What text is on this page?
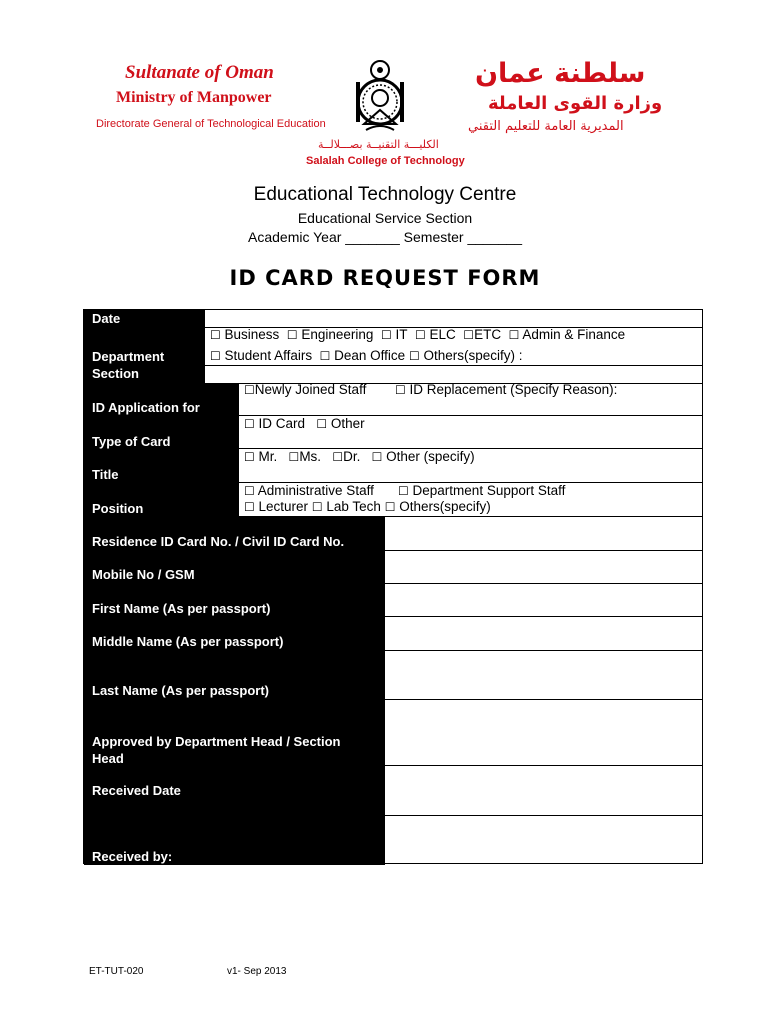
Sultanate of Oman
Ministry of Manpower
Directorate General of Technological Education
سلطنة عمان
وزارة القوى العاملة
المديرية العامة للتعليم التقني
الكليـــة التقنيــة بصـــلالــة
Salalah College of Technology
Educational Technology Centre
Educational Service Section
Academic Year _______ Semester _______
ID CARD REQUEST FORM
Date
Department
Section
ID Application for
Type of Card
Title
Position
Residence ID Card No. / Civil ID Card No.
Mobile No / GSM
First Name (As per passport)
Middle Name (As per passport)
Last Name (As per passport)
Approved by Department Head / Section Head
Received Date
Received by:
☐ Business ☐ Engineering ☐ IT ☐ ELC ☐ETC ☐ Admin & Finance
☐ Student Affairs ☐ Dean Office ☐ Others(specify) :
☐Newly Joined Staff ☐ ID Replacement (Specify Reason):
☐ ID Card ☐ Other
☐ Mr. ☐Ms. ☐Dr. ☐ Other (specify)
☐ Administrative Staff ☐ Department Support Staff
☐ Lecturer ☐ Lab Tech ☐ Others(specify)
ET-TUT-020	v1- Sep 2013
